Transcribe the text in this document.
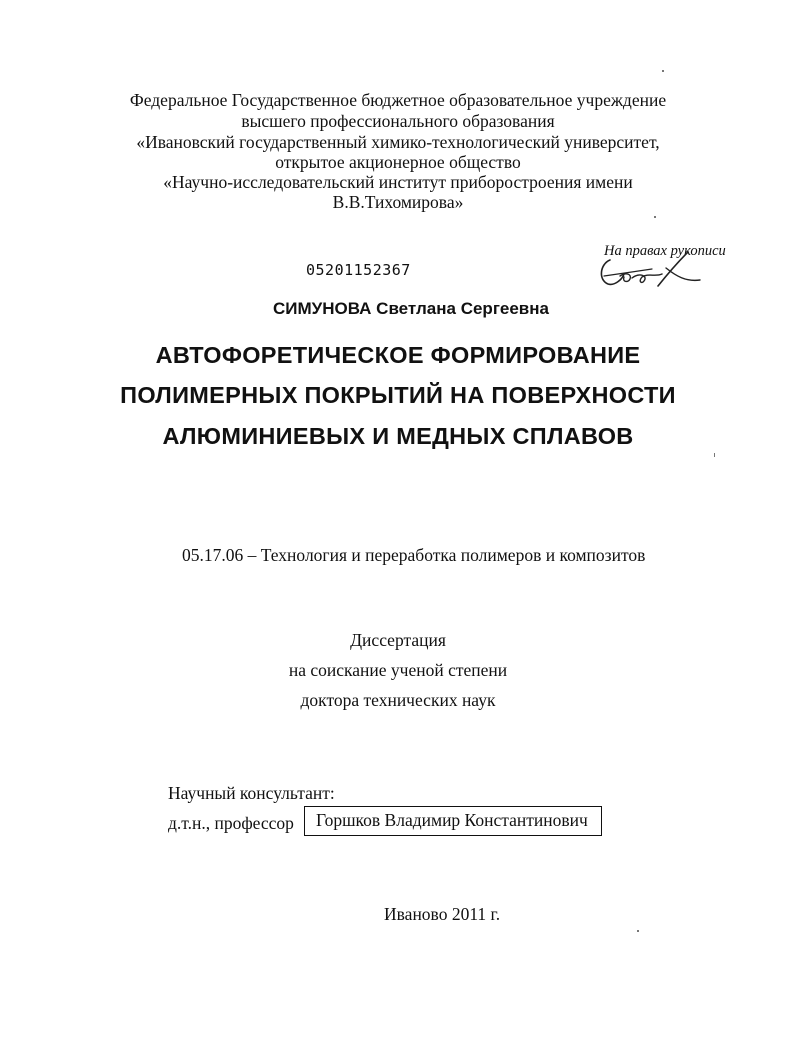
Федеральное Государственное бюджетное образовательное учреждение
высшего профессионального образования
«Ивановский государственный химико-технологический университет,
открытое акционерное общество
«Научно-исследовательский институт приборостроения имени
В.В.Тихомирова»
05201152367
На правах рукописи
СИМУНОВА Светлана Сергеевна
АВТОФОРЕТИЧЕСКОЕ ФОРМИРОВАНИЕ
ПОЛИМЕРНЫХ ПОКРЫТИЙ НА ПОВЕРХНОСТИ
АЛЮМИНИЕВЫХ И МЕДНЫХ СПЛАВОВ
05.17.06 – Технология и переработка полимеров и композитов
Диссертация
на соискание ученой степени
доктора технических наук
Научный консультант:
д.т.н., профессор	Горшков Владимир Константинович
Иваново 2011 г.
